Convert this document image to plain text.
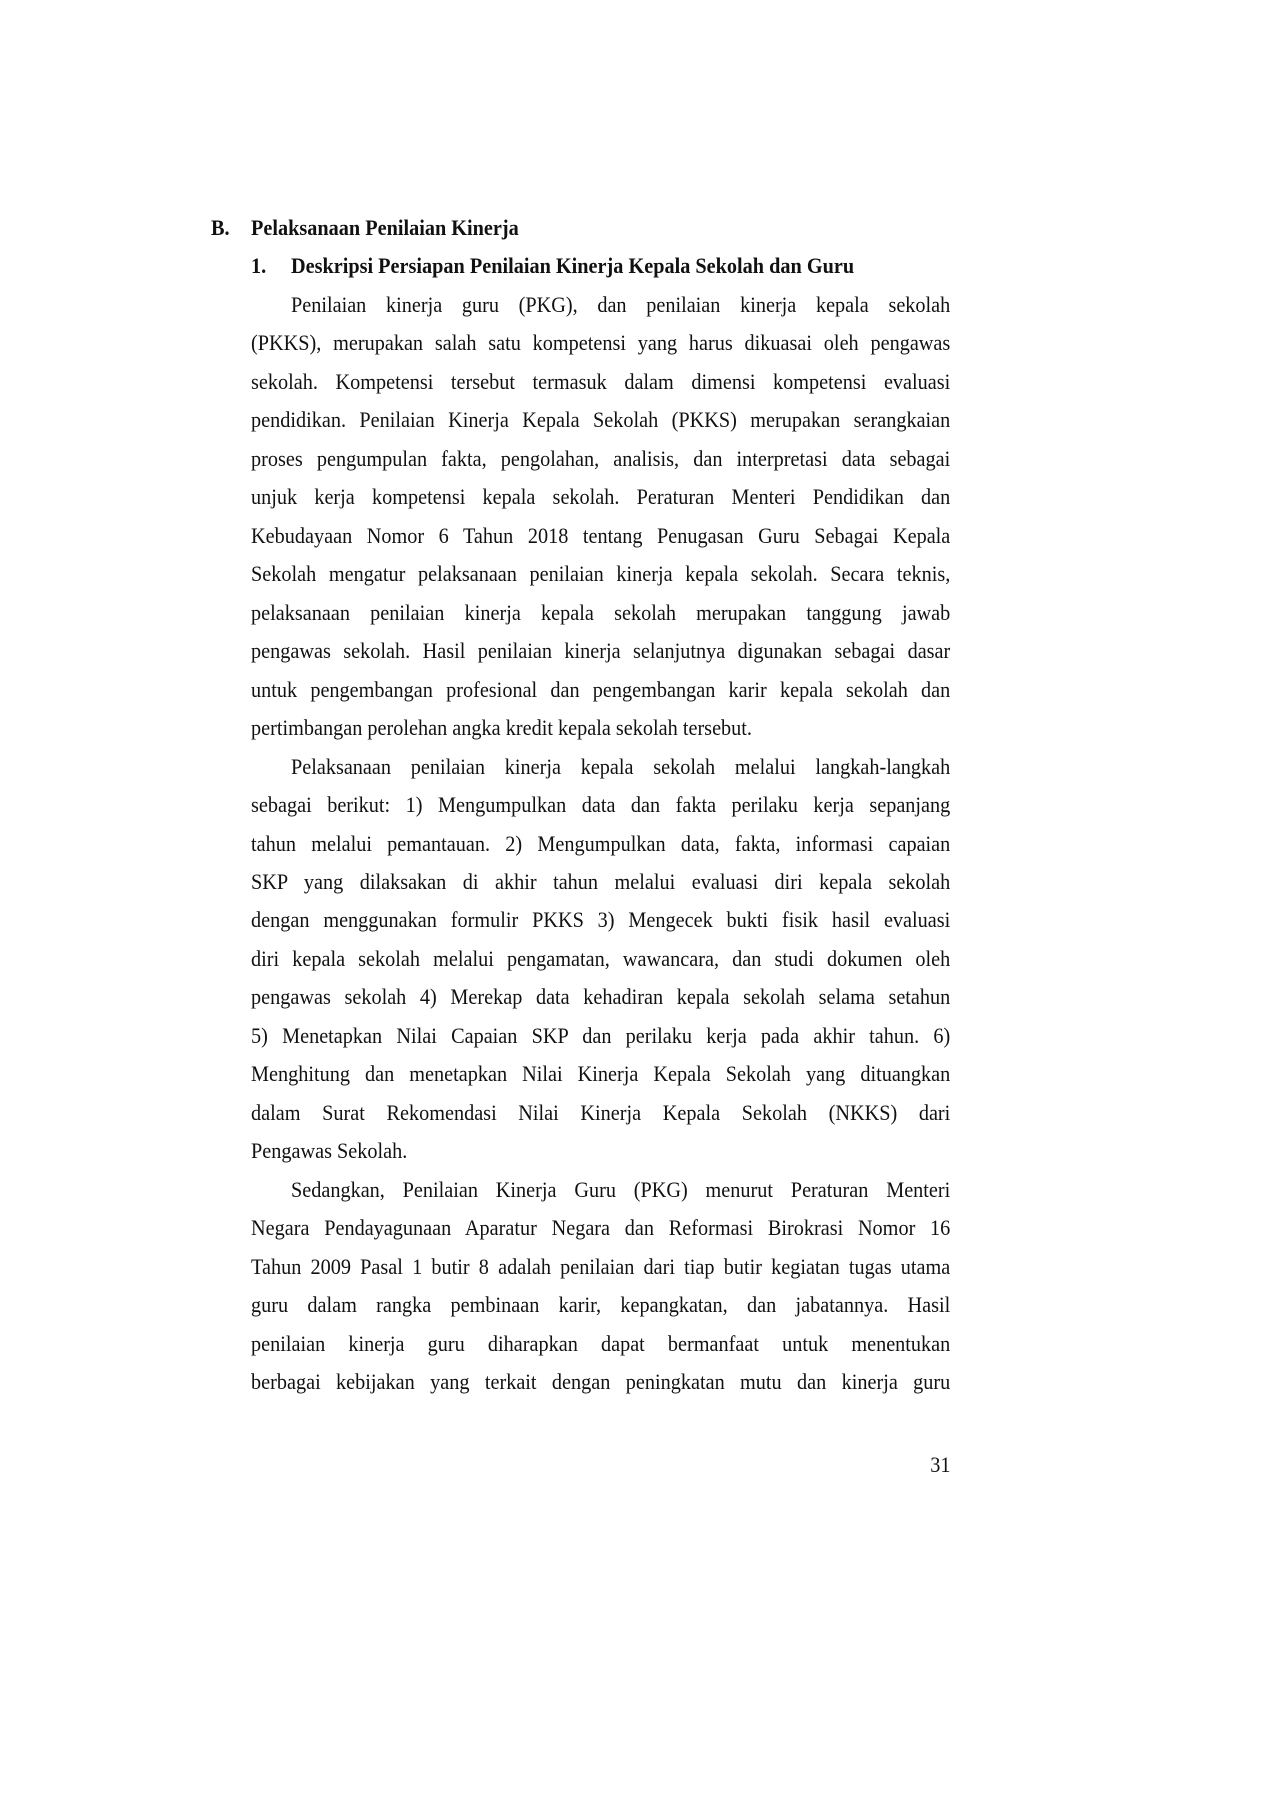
B. Pelaksanaan Penilaian Kinerja
1. Deskripsi Persiapan Penilaian Kinerja Kepala Sekolah dan Guru
Penilaian kinerja guru (PKG), dan penilaian kinerja kepala sekolah
(PKKS), merupakan salah satu kompetensi yang harus dikuasai oleh pengawas
sekolah. Kompetensi tersebut termasuk dalam dimensi kompetensi evaluasi
pendidikan. Penilaian Kinerja Kepala Sekolah (PKKS) merupakan serangkaian
proses pengumpulan fakta, pengolahan, analisis, dan interpretasi data sebagai
unjuk kerja kompetensi kepala sekolah. Peraturan Menteri Pendidikan dan
Kebudayaan Nomor 6 Tahun 2018 tentang Penugasan Guru Sebagai Kepala
Sekolah mengatur pelaksanaan penilaian kinerja kepala sekolah. Secara teknis,
pelaksanaan penilaian kinerja kepala sekolah merupakan tanggung jawab
pengawas sekolah. Hasil penilaian kinerja selanjutnya digunakan sebagai dasar
untuk pengembangan profesional dan pengembangan karir kepala sekolah dan
pertimbangan perolehan angka kredit kepala sekolah tersebut.
Pelaksanaan penilaian kinerja kepala sekolah melalui langkah-langkah
sebagai berikut: 1) Mengumpulkan data dan fakta perilaku kerja sepanjang
tahun melalui pemantauan. 2) Mengumpulkan data, fakta, informasi capaian
SKP yang dilaksakan di akhir tahun melalui evaluasi diri kepala sekolah
dengan menggunakan formulir PKKS 3) Mengecek bukti fisik hasil evaluasi
diri kepala sekolah melalui pengamatan, wawancara, dan studi dokumen oleh
pengawas sekolah 4) Merekap data kehadiran kepala sekolah selama setahun
5) Menetapkan Nilai Capaian SKP dan perilaku kerja pada akhir tahun. 6)
Menghitung dan menetapkan Nilai Kinerja Kepala Sekolah yang dituangkan
dalam Surat Rekomendasi Nilai Kinerja Kepala Sekolah (NKKS) dari
Pengawas Sekolah.
Sedangkan, Penilaian Kinerja Guru (PKG) menurut Peraturan Menteri
Negara Pendayagunaan Aparatur Negara dan Reformasi Birokrasi Nomor 16
Tahun 2009 Pasal 1 butir 8 adalah penilaian dari tiap butir kegiatan tugas utama
guru dalam rangka pembinaan karir, kepangkatan, dan jabatannya. Hasil
penilaian kinerja guru diharapkan dapat bermanfaat untuk menentukan
berbagai kebijakan yang terkait dengan peningkatan mutu dan kinerja guru
31
